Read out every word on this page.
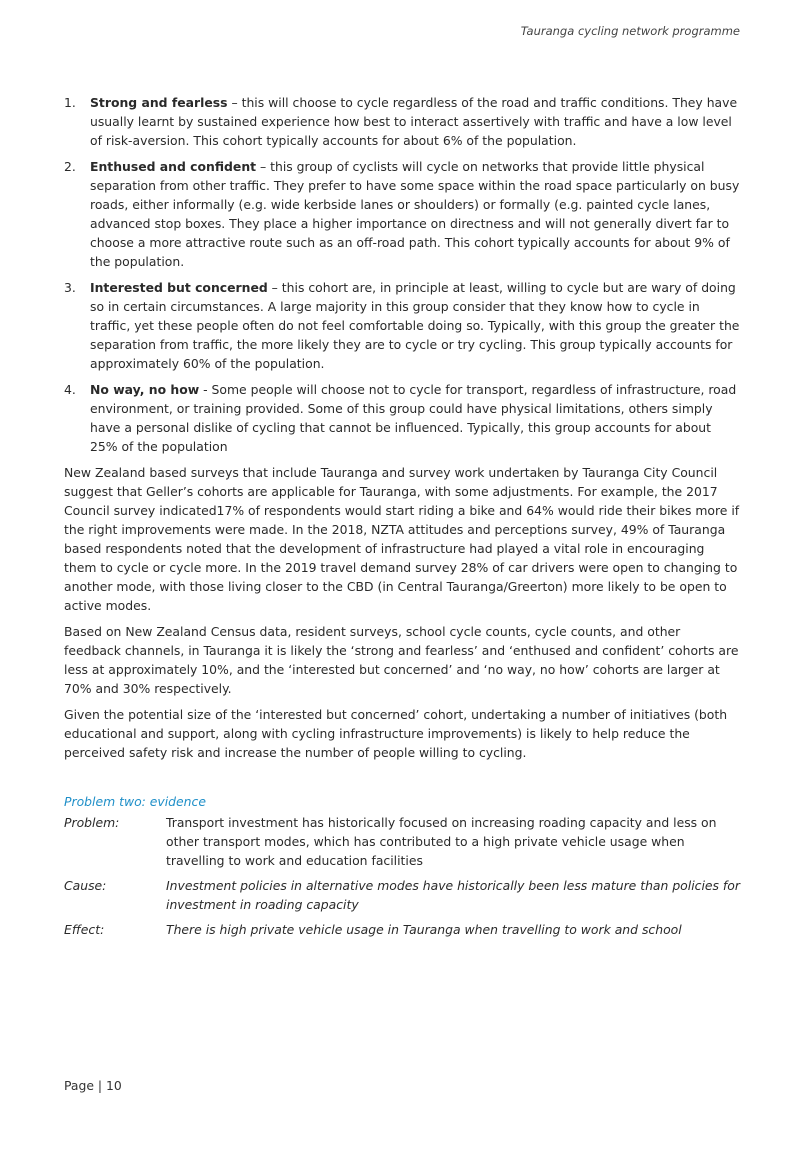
Tauranga cycling network programme
1. Strong and fearless – this will choose to cycle regardless of the road and traffic conditions. They have usually learnt by sustained experience how best to interact assertively with traffic and have a low level of risk-aversion. This cohort typically accounts for about 6% of the population.
2. Enthused and confident – this group of cyclists will cycle on networks that provide little physical separation from other traffic. They prefer to have some space within the road space particularly on busy roads, either informally (e.g. wide kerbside lanes or shoulders) or formally (e.g. painted cycle lanes, advanced stop boxes. They place a higher importance on directness and will not generally divert far to choose a more attractive route such as an off-road path. This cohort typically accounts for about 9% of the population.
3. Interested but concerned – this cohort are, in principle at least, willing to cycle but are wary of doing so in certain circumstances. A large majority in this group consider that they know how to cycle in traffic, yet these people often do not feel comfortable doing so. Typically, with this group the greater the separation from traffic, the more likely they are to cycle or try cycling. This group typically accounts for approximately 60% of the population.
4. No way, no how - Some people will choose not to cycle for transport, regardless of infrastructure, road environment, or training provided. Some of this group could have physical limitations, others simply have a personal dislike of cycling that cannot be influenced. Typically, this group accounts for about 25% of the population

New Zealand based surveys that include Tauranga and survey work undertaken by Tauranga City Council suggest that Geller’s cohorts are applicable for Tauranga, with some adjustments. For example, the 2017 Council survey indicated17% of respondents would start riding a bike and 64% would ride their bikes more if the right improvements were made. In the 2018, NZTA attitudes and perceptions survey, 49% of Tauranga based respondents noted that the development of infrastructure had played a vital role in encouraging them to cycle or cycle more. In the 2019 travel demand survey 28% of car drivers were open to changing to another mode, with those living closer to the CBD (in Central Tauranga/Greerton) more likely to be open to active modes.

Based on New Zealand Census data, resident surveys, school cycle counts, cycle counts, and other feedback channels, in Tauranga it is likely the ‘strong and fearless’ and ‘enthused and confident’ cohorts are less at approximately 10%, and the ‘interested but concerned’ and ‘no way, no how’ cohorts are larger at 70% and 30% respectively.

Given the potential size of the ‘interested but concerned’ cohort, undertaking a number of initiatives (both educational and support, along with cycling infrastructure improvements) is likely to help reduce the perceived safety risk and increase the number of people willing to cycling.

Problem two: evidence
Problem:	Transport investment has historically focused on increasing roading capacity and less on other transport modes, which has contributed to a high private vehicle usage when travelling to work and education facilities
Cause:	Investment policies in alternative modes have historically been less mature than policies for investment in roading capacity
Effect:	There is high private vehicle usage in Tauranga when travelling to work and school
Page | 10
